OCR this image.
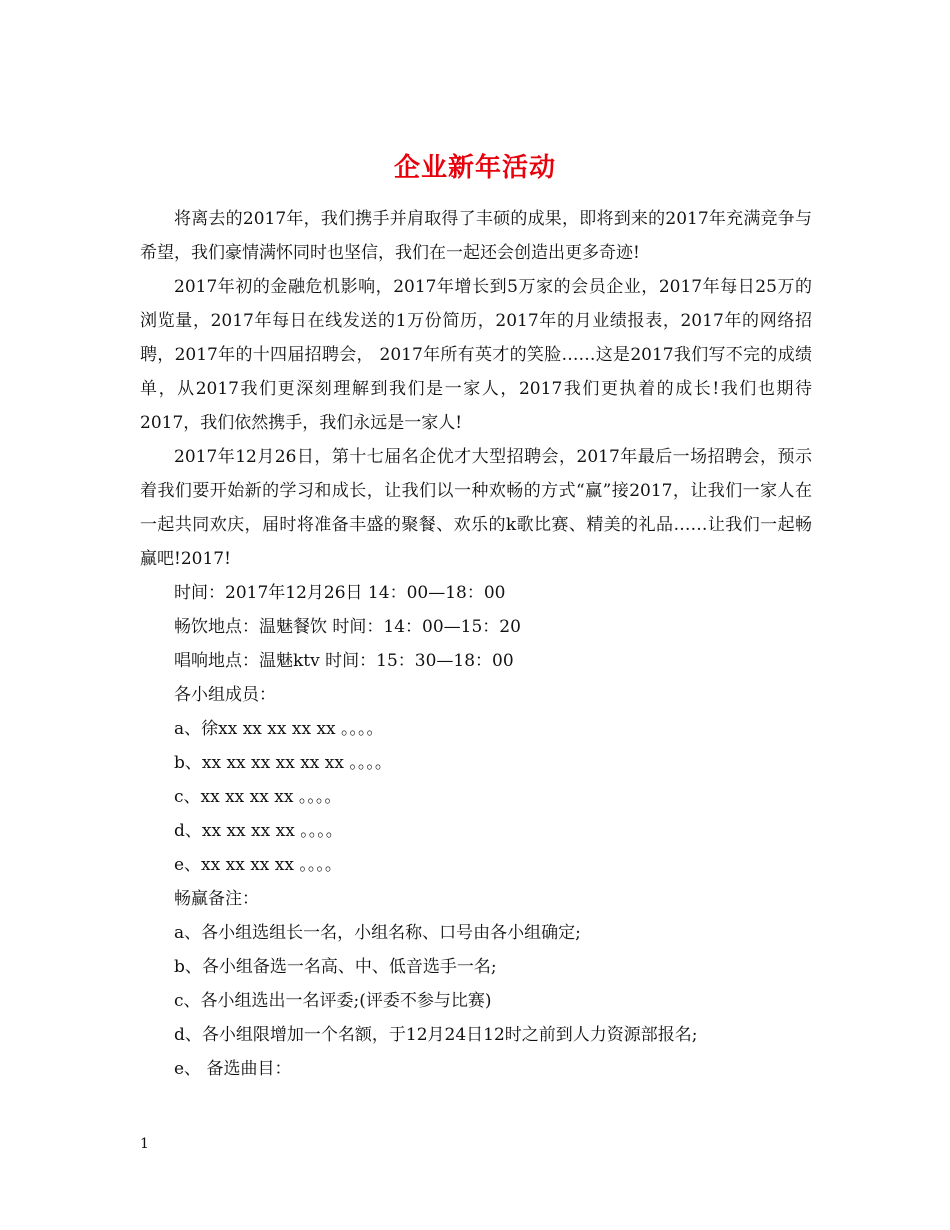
企业新年活动

将离去的2017年，我们携手并肩取得了丰硕的成果，即将到来的2017年充满竞争与希望，我们豪情满怀同时也坚信，我们在一起还会创造出更多奇迹!

2017年初的金融危机影响，2017年增长到5万家的会员企业，2017年每日25万的浏览量，2017年每日在线发送的1万份简历，2017年的月业绩报表，2017年的网络招聘，2017年的十四届招聘会， 2017年所有英才的笑脸……这是2017我们写不完的成绩单，从2017我们更深刻理解到我们是一家人，2017我们更执着的成长!我们也期待2017，我们依然携手，我们永远是一家人!

2017年12月26日，第十七届名企优才大型招聘会，2017年最后一场招聘会，预示着我们要开始新的学习和成长，让我们以一种欢畅的方式“赢”接2017，让我们一家人在一起共同欢庆，届时将准备丰盛的聚餐、欢乐的k歌比赛、精美的礼品……让我们一起畅赢吧!2017!

时间：2017年12月26日 14：00—18：00

畅饮地点：温魅餐饮 时间：14：00—15：20

唱响地点：温魅ktv 时间：15：30—18：00

各小组成员：

a、徐xx xx xx xx xx 。。。。

b、xx xx xx xx xx xx 。。。。

c、xx xx xx xx 。。。。

d、xx xx xx xx 。。。。

e、xx xx xx xx 。。。。

畅赢备注：

a、各小组选组长一名，小组名称、口号由各小组确定;

b、各小组备选一名高、中、低音选手一名;

c、各小组选出一名评委;(评委不参与比赛)

d、各小组限增加一个名额，于12月24日12时之前到人力资源部报名;

e、 备选曲目：

1
